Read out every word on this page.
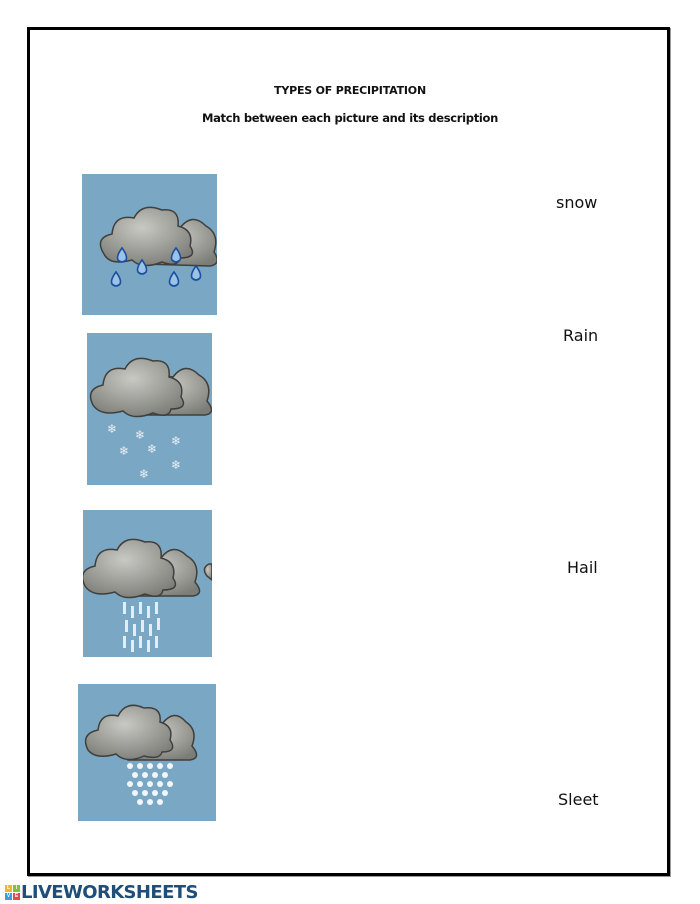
TYPES OF PRECIPITATION
Match between each picture and its description
❄ ❄ ❄
❄ ❄
❄
❄
snow
Rain
Hail
Sleet
L	I
V E LIVEWORKSHEETS
